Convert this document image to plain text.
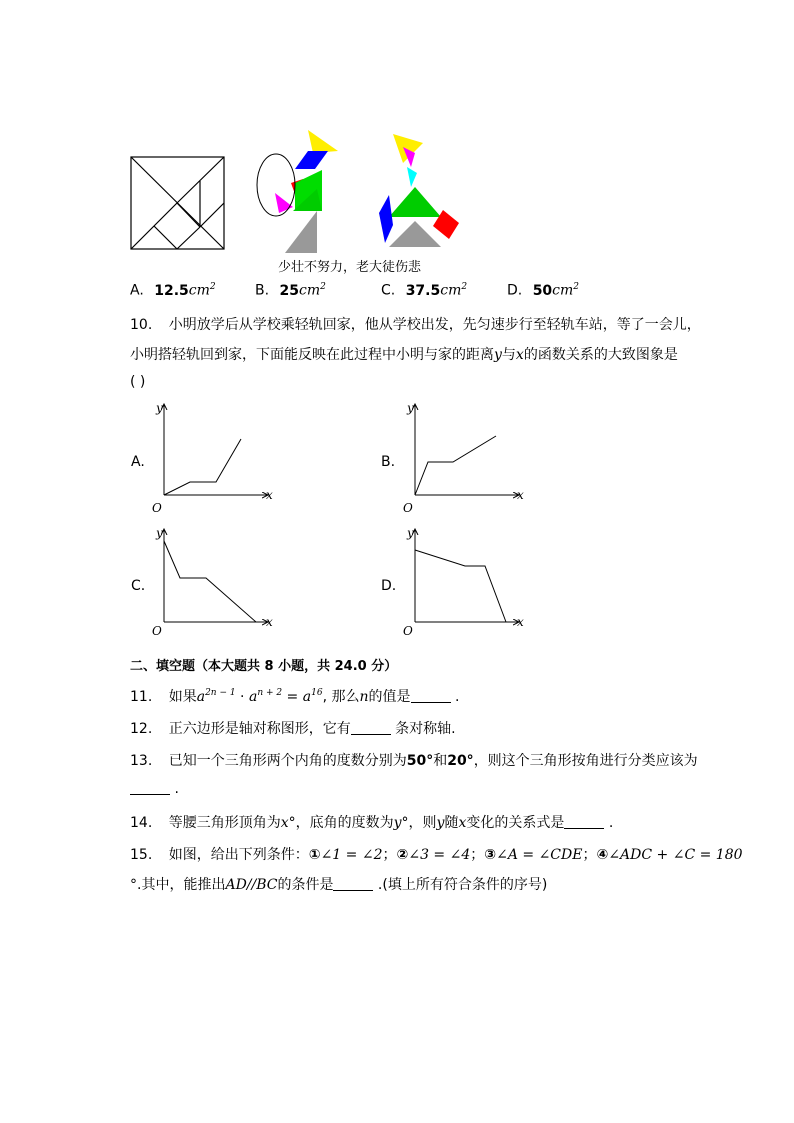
少壮不努力，老大徒伤悲
A. $12.5cm^2$	B. $25cm^2$	C. $37.5cm^2$	D. $50cm^2$
10. 小明放学后从学校乘轻轨回家，他从学校出发，先匀速步行至轻轨车站，等了一会儿，
小明搭轻轨回到家，下面能反映在此过程中小明与家的距离y与x的函数关系的大致图象是
( )
A.	B.
C.	D.
y
x
O
y
x
O
y
x
O
y
x
O
二、填空题（本大题共 8 小题，共 24.0 分）
11. 如果$a^{2n - 1} \cdot a^{n + 2} = a^{16}$, 那么n的值是	.
12. 正六边形是轴对称图形，它有	条对称轴.
13. 已知一个三角形两个内角的度数分别为50°和20°，则这个三角形按角进行分类应该为
.
14. 等腰三角形顶角为x°，底角的度数为y°，则y随x变化的关系式是	.
15. 如图，给出下列条件：①∠1 = ∠2；②∠3 = ∠4；③∠A = ∠CDE；④∠ADC + ∠C = 180
°.其中，能推出AD//BC的条件是	.(填上所有符合条件的序号)
